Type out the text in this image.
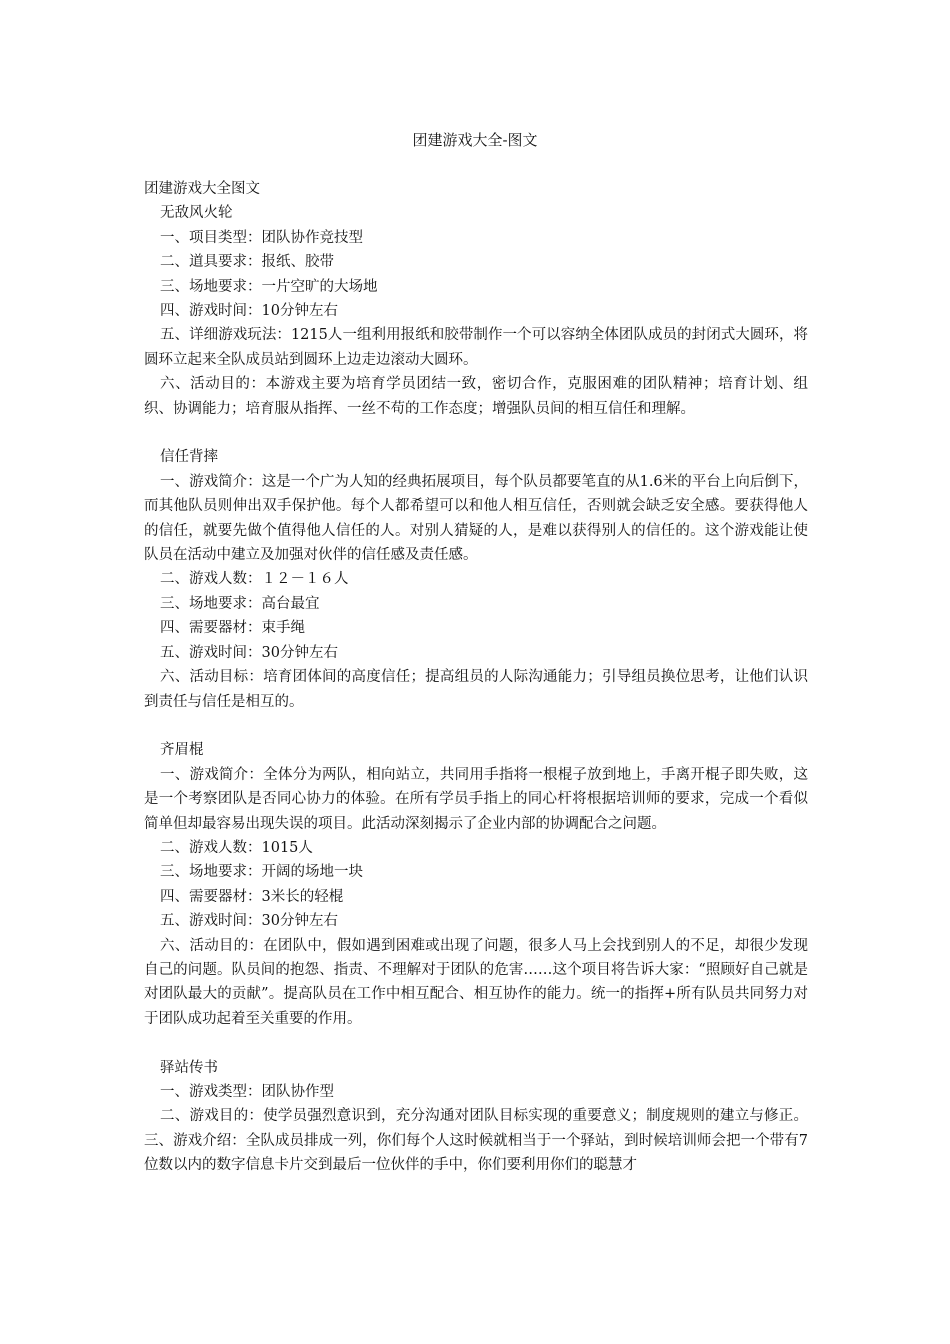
团建游戏大全-图文

团建游戏大全图文

无敌风火轮

一、项目类型：团队协作竞技型

二、道具要求：报纸、胶带

三、场地要求：一片空旷的大场地

四、游戏时间：10分钟左右

五、详细游戏玩法：1215人一组利用报纸和胶带制作一个可以容纳全体团队成员的封闭式大圆环，将圆环立起来全队成员站到圆环上边走边滚动大圆环。

六、活动目的：本游戏主要为培育学员团结一致，密切合作，克服困难的团队精神；培育计划、组织、协调能力；培育服从指挥、一丝不苟的工作态度；增强队员间的相互信任和理解。

信任背摔

一、游戏简介：这是一个广为人知的经典拓展项目，每个队员都要笔直的从1.6米的平台上向后倒下，而其他队员则伸出双手保护他。每个人都希望可以和他人相互信任，否则就会缺乏安全感。要获得他人的信任，就要先做个值得他人信任的人。对别人猜疑的人，是难以获得别人的信任的。这个游戏能让使队员在活动中建立及加强对伙伴的信任感及责任感。

二、游戏人数：１２－１６人

三、场地要求：高台最宜

四、需要器材：束手绳

五、游戏时间：30分钟左右

六、活动目标：培育团体间的高度信任；提高组员的人际沟通能力；引导组员换位思考，让他们认识到责任与信任是相互的。

齐眉棍

一、游戏简介：全体分为两队，相向站立，共同用手指将一根棍子放到地上，手离开棍子即失败，这是一个考察团队是否同心协力的体验。在所有学员手指上的同心杆将根据培训师的要求，完成一个看似简单但却最容易出现失误的项目。此活动深刻揭示了企业内部的协调配合之问题。

二、游戏人数：1015人

三、场地要求：开阔的场地一块

四、需要器材：3米长的轻棍

五、游戏时间：30分钟左右

六、活动目的：在团队中，假如遇到困难或出现了问题，很多人马上会找到别人的不足，却很少发现自己的问题。队员间的抱怨、指责、不理解对于团队的危害……这个项目将告诉大家：“照顾好自己就是对团队最大的贡献”。提高队员在工作中相互配合、相互协作的能力。统一的指挥+所有队员共同努力对于团队成功起着至关重要的作用。

驿站传书

一、游戏类型：团队协作型

二、游戏目的：使学员强烈意识到，充分沟通对团队目标实现的重要意义；制度规则的建立与修正。三、游戏介绍：全队成员排成一列，你们每个人这时候就相当于一个驿站，到时候培训师会把一个带有7位数以内的数字信息卡片交到最后一位伙伴的手中，你们要利用你们的聪慧才
